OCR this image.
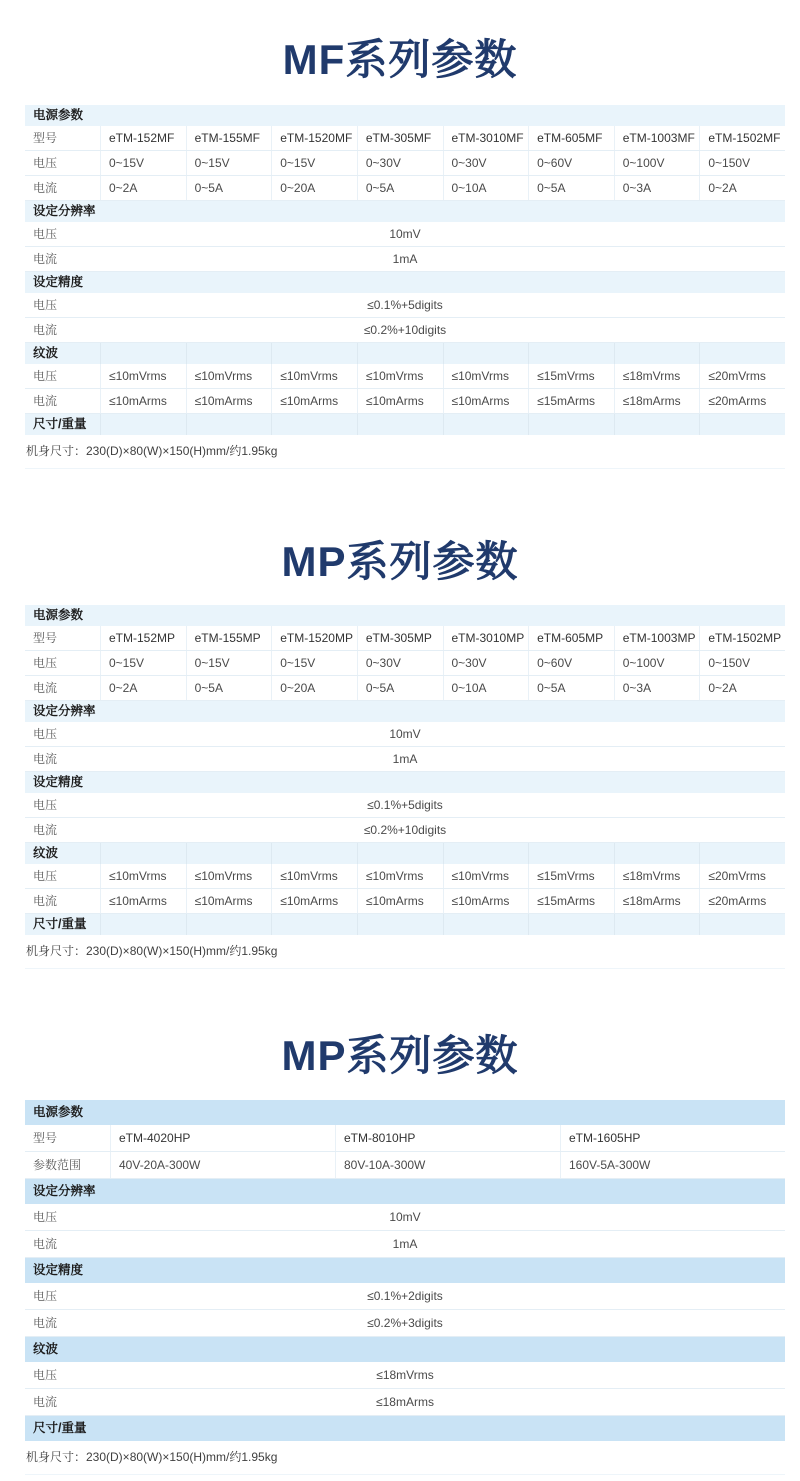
MF系列参数
电源参数
型号	eTM-152MF	eTM-155MF	eTM-1520MF	eTM-305MF	eTM-3010MF	eTM-605MF	eTM-1003MF	eTM-1502MF
电压	0~15V	0~15V	0~15V	0~30V	0~30V	0~60V	0~100V	0~150V
电流	0~2A	0~5A	0~20A	0~5A	0~10A	0~5A	0~3A	0~2A
设定分辨率
电压	10mV
电流	1mA
设定精度
电压	≤0.1%+5digits
电流	≤0.2%+10digits
纹波
电压	≤10mVrms	≤10mVrms	≤10mVrms	≤10mVrms	≤10mVrms	≤15mVrms	≤18mVrms	≤20mVrms
电流	≤10mArms	≤10mArms	≤10mArms	≤10mArms	≤10mArms	≤15mArms	≤18mArms	≤20mArms
尺寸/重量
机身尺寸：230(D)×80(W)×150(H)mm/约1.95kg
MP系列参数
电源参数
型号	eTM-152MP	eTM-155MP	eTM-1520MP	eTM-305MP	eTM-3010MP	eTM-605MP	eTM-1003MP	eTM-1502MP
电压	0~15V	0~15V	0~15V	0~30V	0~30V	0~60V	0~100V	0~150V
电流	0~2A	0~5A	0~20A	0~5A	0~10A	0~5A	0~3A	0~2A
设定分辨率
电压	10mV
电流	1mA
设定精度
电压	≤0.1%+5digits
电流	≤0.2%+10digits
纹波
电压	≤10mVrms	≤10mVrms	≤10mVrms	≤10mVrms	≤10mVrms	≤15mVrms	≤18mVrms	≤20mVrms
电流	≤10mArms	≤10mArms	≤10mArms	≤10mArms	≤10mArms	≤15mArms	≤18mArms	≤20mArms
尺寸/重量
机身尺寸：230(D)×80(W)×150(H)mm/约1.95kg
MP系列参数
电源参数
型号	eTM-4020HP	eTM-8010HP	eTM-1605HP
参数范围	40V-20A-300W	80V-10A-300W	160V-5A-300W
设定分辨率
电压	10mV
电流	1mA
设定精度
电压	≤0.1%+2digits
电流	≤0.2%+3digits
纹波
电压	≤18mVrms
电流	≤18mArms
尺寸/重量
机身尺寸：230(D)×80(W)×150(H)mm/约1.95kg
